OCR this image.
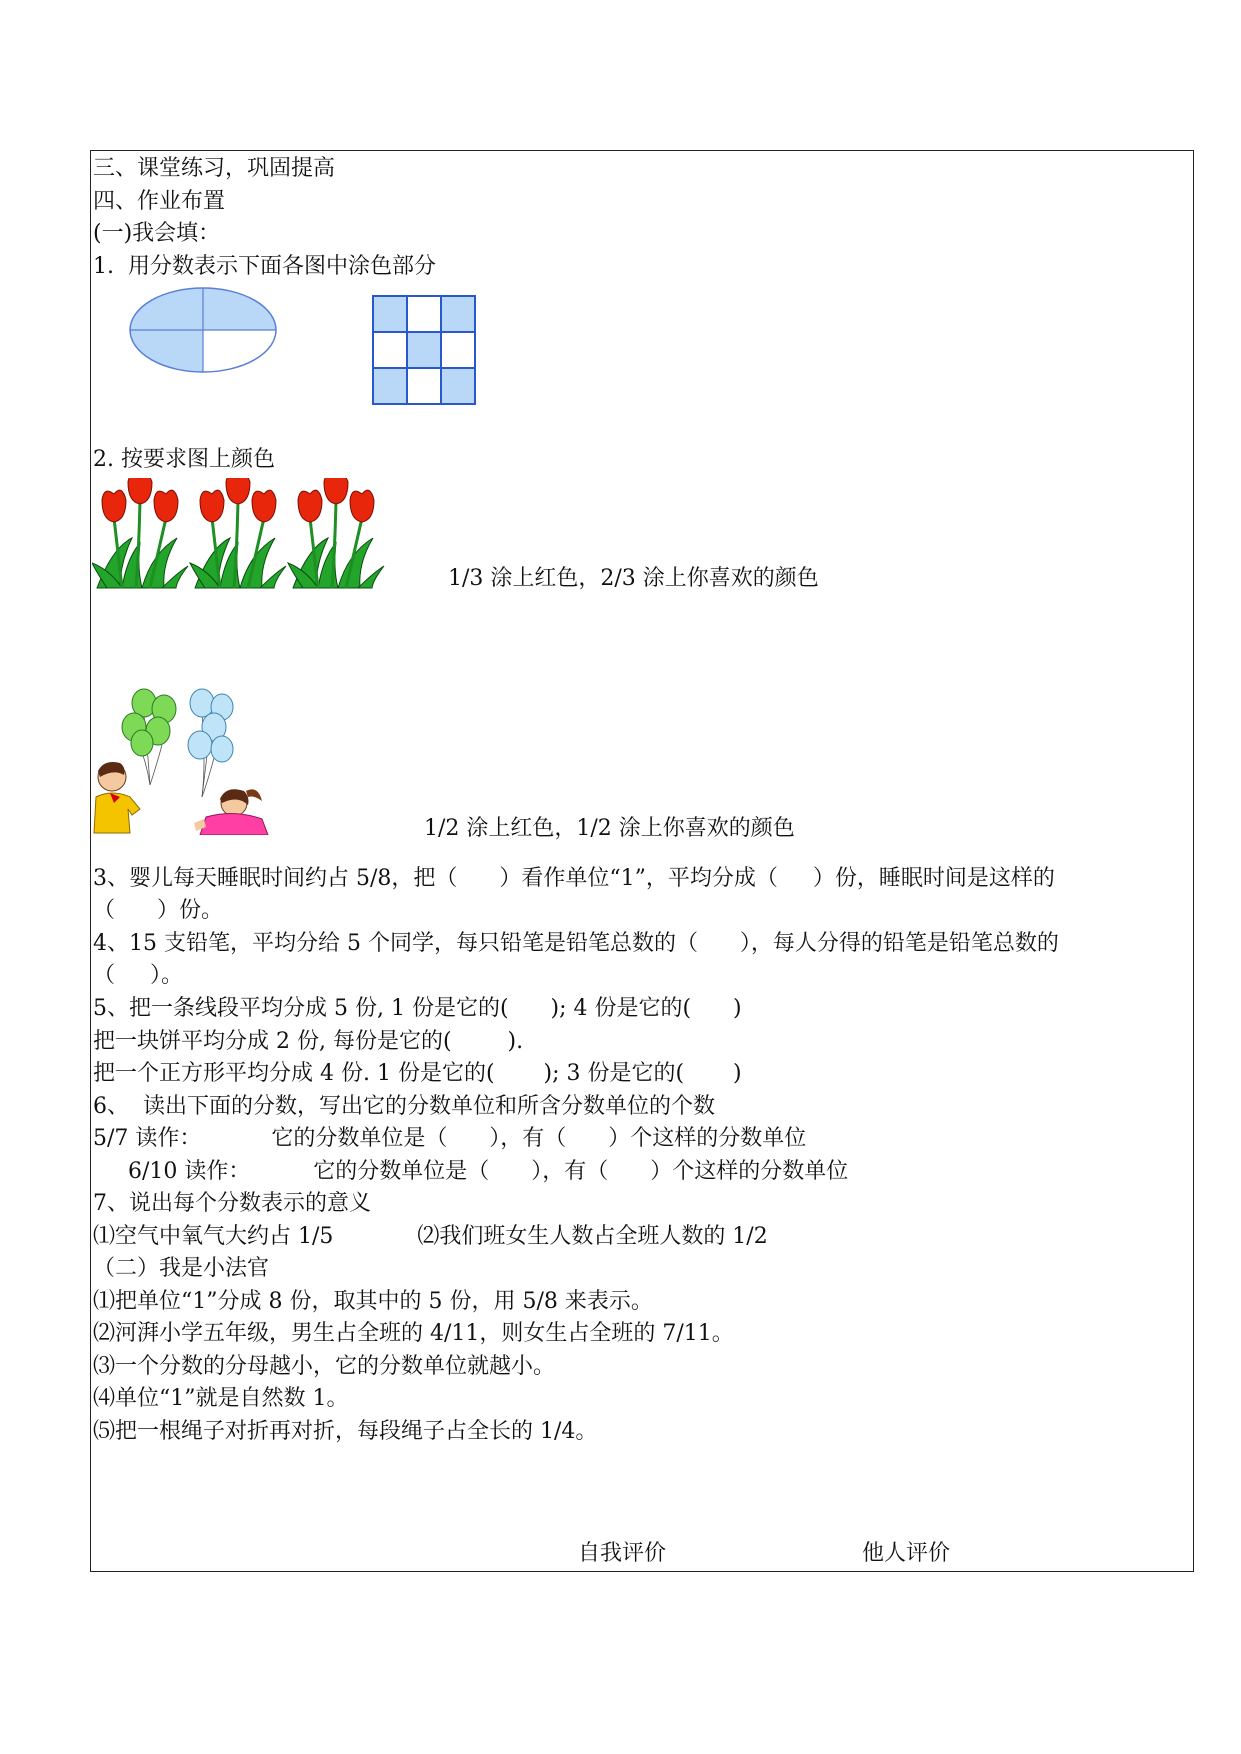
三、课堂练习，巩固提高
四、作业布置
(一)我会填：
1.  用分数表示下面各图中涂色部分
2. 按要求图上颜色
1/3 涂上红色，2/3 涂上你喜欢的颜色
1/2 涂上红色，1/2 涂上你喜欢的颜色
3、婴儿每天睡眠时间约占 5/8，把（      ）看作单位“1”，平均分成（     ）份，睡眠时间是这样的
（      ）份。
4、15 支铅笔，平均分给 5 个同学，每只铅笔是铅笔总数的（      ），每人分得的铅笔是铅笔总数的
（     ）。
5、把一条线段平均分成 5 份, 1 份是它的(      ); 4 份是它的(      )
把一块饼平均分成 2 份, 每份是它的(        ).
把一个正方形平均分成 4 份. 1 份是它的(       ); 3 份是它的(       )
6、  读出下面的分数，写出它的分数单位和所含分数单位的个数
5/7 读作：          它的分数单位是（      ），有（      ）个这样的分数单位
6/10 读作：         它的分数单位是（      ），有（      ）个这样的分数单位
7、说出每个分数表示的意义
⑴空气中氧气大约占 1/5            ⑵我们班女生人数占全班人数的 1/2
（二）我是小法官
⑴把单位“1”分成 8 份，取其中的 5 份，用 5/8 来表示。
⑵河湃小学五年级，男生占全班的 4/11，则女生占全班的 7/11。
⑶一个分数的分母越小，它的分数单位就越小。
⑷单位“1”就是自然数 1。
⑸把一根绳子对折再对折，每段绳子占全长的 1/4。
自我评价	他人评价
